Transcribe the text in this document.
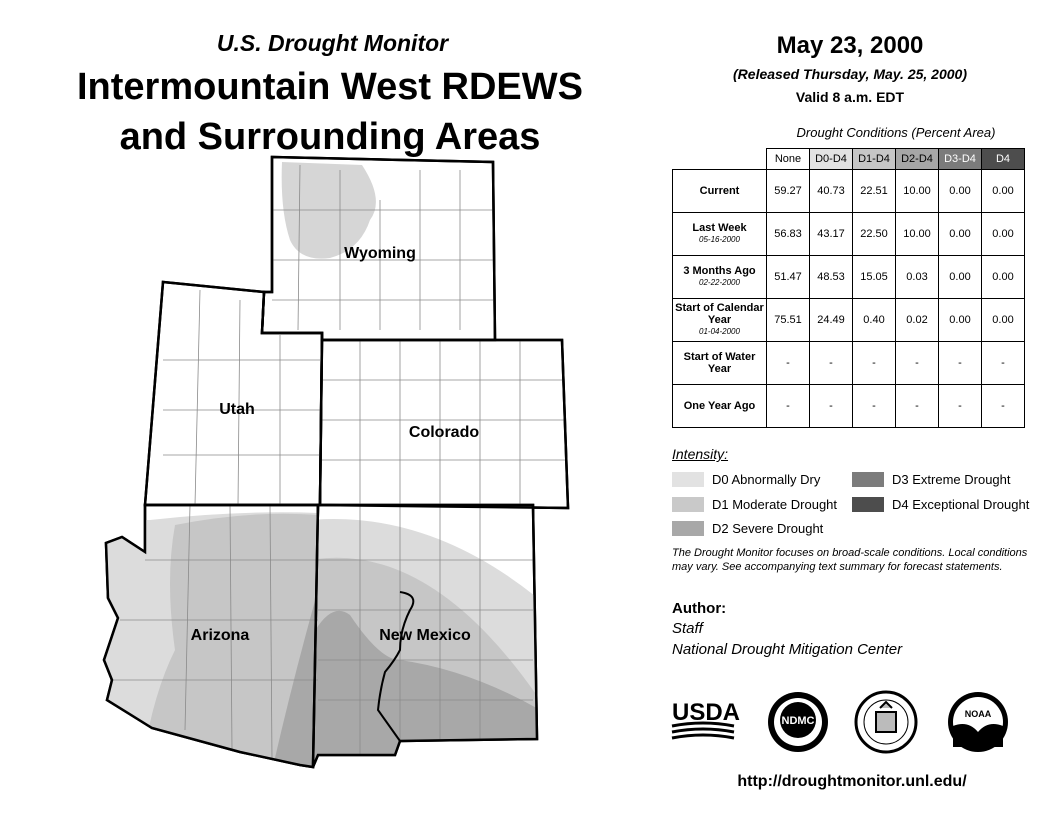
U.S. Drought Monitor
Intermountain West RDEWS
and Surrounding Areas
Wyoming
Utah
Colorado
Arizona	New Mexico
May 23, 2000
(Released Thursday, May. 25, 2000)
Valid 8 a.m. EDT
Drought Conditions (Percent Area)
	None	D0-D4	D1-D4	D2-D4	D3-D4	D4
Current	59.27	40.73	22.51	10.00	0.00	0.00
Last Week
05-16-2000	56.83	43.17	22.50	10.00	0.00	0.00
3 Months Ago
02-22-2000	51.47	48.53	15.05	0.03	0.00	0.00
Start of Calendar Year
01-04-2000	75.51	24.49	0.40	0.02	0.00	0.00
Start of Water Year	-	-	-	-	-	-
One Year Ago	-	-	-	-	-	-
Intensity:
D0 Abnormally Dry
D1 Moderate Drought
D2 Severe Drought
D3 Extreme Drought
D4 Exceptional Drought
The Drought Monitor focuses on broad-scale conditions. Local conditions may vary. See accompanying text summary for forecast statements.
Author:
Staff
National Drought Mitigation Center
USDA	NDMC
NOAA
http://droughtmonitor.unl.edu/
